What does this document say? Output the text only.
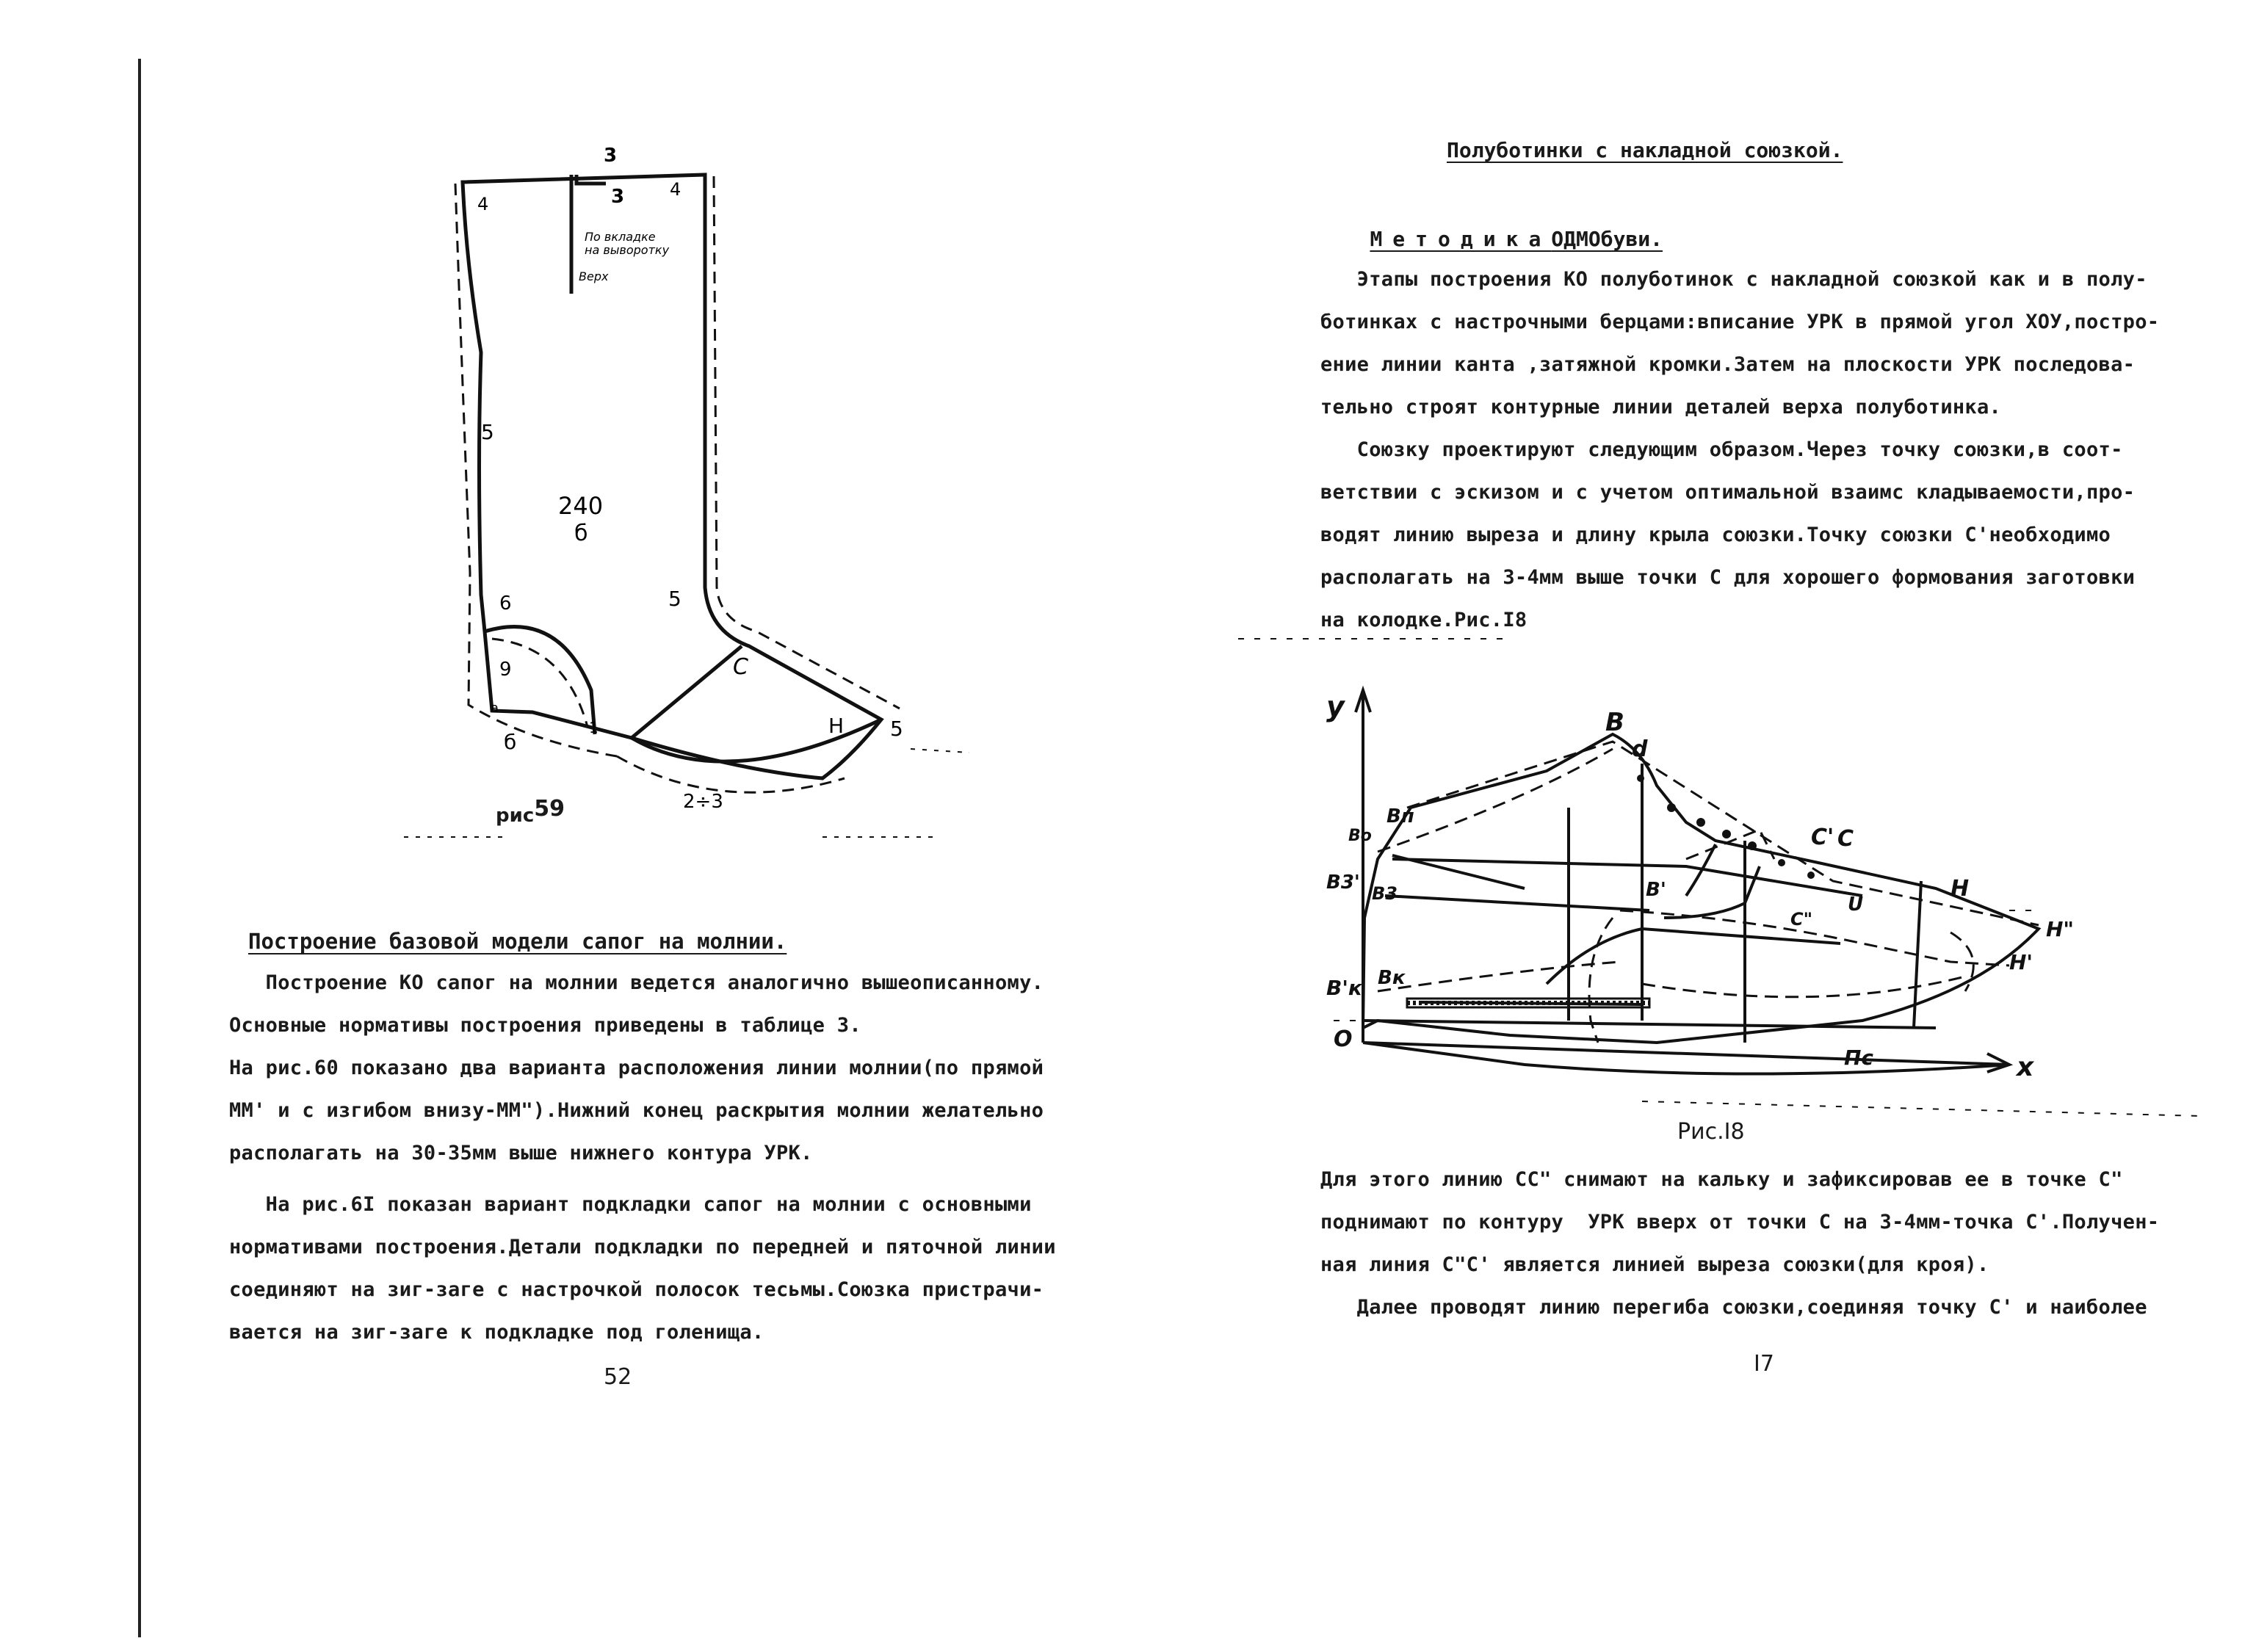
3
3
4
4
По вкладке
на выворотку
Верх
5
240
б
6	5
9
a
б
1
C
H 5
2÷3
рис59
Построение базовой модели сапог на молнии.
Построение КО сапог на молнии ведется аналогично вышеописанному.
Основные нормативы построения приведены в таблице 3.
На рис.60 показано два варианта расположения линии молнии(по прямой
ММ' и с изгибом внизу-ММ").Нижний конец раскрытия молнии желательно
располагать на 30-35мм выше нижнего контура УРК.
На рис.6I показан вариант подкладки сапог на молнии с основными
нормативами построения.Детали подкладки по передней и пяточной линии
соединяют на зиг-заге с настрочкой полосок тесьмы.Союзка пристрачи-
вается на зиг-заге к подкладке под голенища.
52
Полуботинки с накладной союзкой.

МетодикаОДМОбуви.

Этапы построения КО полуботинок с накладной союзкой как и в полу-
ботинках с настрочными берцами:вписание УРК в прямой угол ХОУ,постро-
ение линии канта ,затяжной кромки.Затем на плоскости УРК последова-
тельно строят контурные линии деталей верха полуботинка.
Союзку проектируют следующим образом.Через точку союзки,в соот-
ветствии с эскизом и с учетом оптимальной взаимс кладываемости,про-
водят линию выреза и длину крыла союзки.Точку союзки С'необходимо
располагать на 3-4мм выше точки С для хорошего формования заготовки
на колодке.Рис.I8
y
x
O
B
d
Bп
Bо
B3' B3	B'
C' C
C"
U
H
H"
H'
Bк
B'к
Пс
Рис.I8
Для этого линию СС" снимают на кальку и зафиксировав ее в точке С"
поднимают по контуру  УРК вверх от точки С на 3-4мм-точка С'.Получен-
ная линия С"С' является линией выреза союзки(для кроя).
Далее проводят линию перегиба союзки,соединяя точку С' и наиболее
I7
